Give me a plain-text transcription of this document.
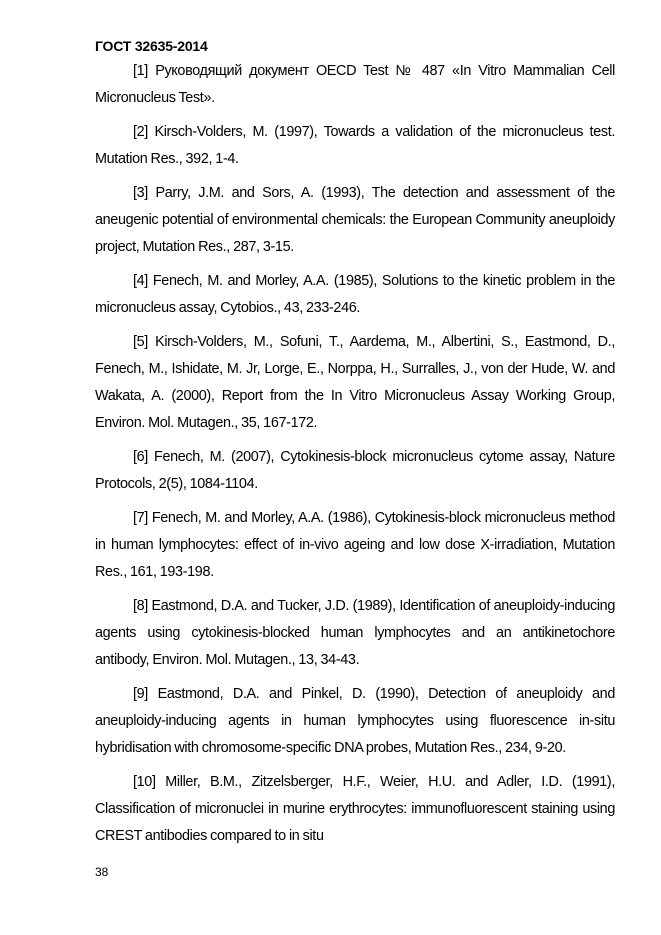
ГОСТ 32635-2014

[1] Руководящий документ OECD Test № 487 «In Vitro Mammalian Cell Micronucleus Test».

[2] Kirsch-Volders, M. (1997), Towards a validation of the micronucleus test. Mutation Res., 392, 1-4.

[3] Parry, J.M. and Sors, A. (1993), The detection and assessment of the aneugenic potential of environmental chemicals: the European Community aneuploidy project, Mutation Res., 287, 3-15.

[4] Fenech, M. and Morley, A.A. (1985), Solutions to the kinetic problem in the micronucleus assay, Cytobios., 43, 233-246.

[5] Kirsch-Volders, M., Sofuni, T., Aardema, M., Albertini, S., Eastmond, D., Fenech, M., Ishidate, M. Jr, Lorge, E., Norppa, H., Surralles, J., von der Hude, W. and Wakata, A. (2000), Report from the In Vitro Micronucleus Assay Working Group, Environ. Mol. Mutagen., 35, 167-172.

[6] Fenech, M. (2007), Cytokinesis-block micronucleus cytome assay, Nature Protocols, 2(5), 1084-1104.

[7] Fenech, M. and Morley, A.A. (1986), Cytokinesis-block micronucleus method in human lymphocytes: effect of in-vivo ageing and low dose X-irradiation, Mutation Res., 161, 193-198.

[8] Eastmond, D.A. and Tucker, J.D. (1989), Identification of aneuploidy-inducing agents using cytokinesis-blocked human lymphocytes and an antikinetochore antibody, Environ. Mol. Mutagen., 13, 34-43.

[9] Eastmond, D.A. and Pinkel, D. (1990), Detection of aneuploidy and aneuploidy-inducing agents in human lymphocytes using fluorescence in-situ hybridisation with chromosome-specific DNA probes, Mutation Res., 234, 9-20.

[10] Miller, B.M., Zitzelsberger, H.F., Weier, H.U. and Adler, I.D. (1991), Classification of micronuclei in murine erythrocytes: immunofluorescent staining using CREST antibodies compared to in situ

38
